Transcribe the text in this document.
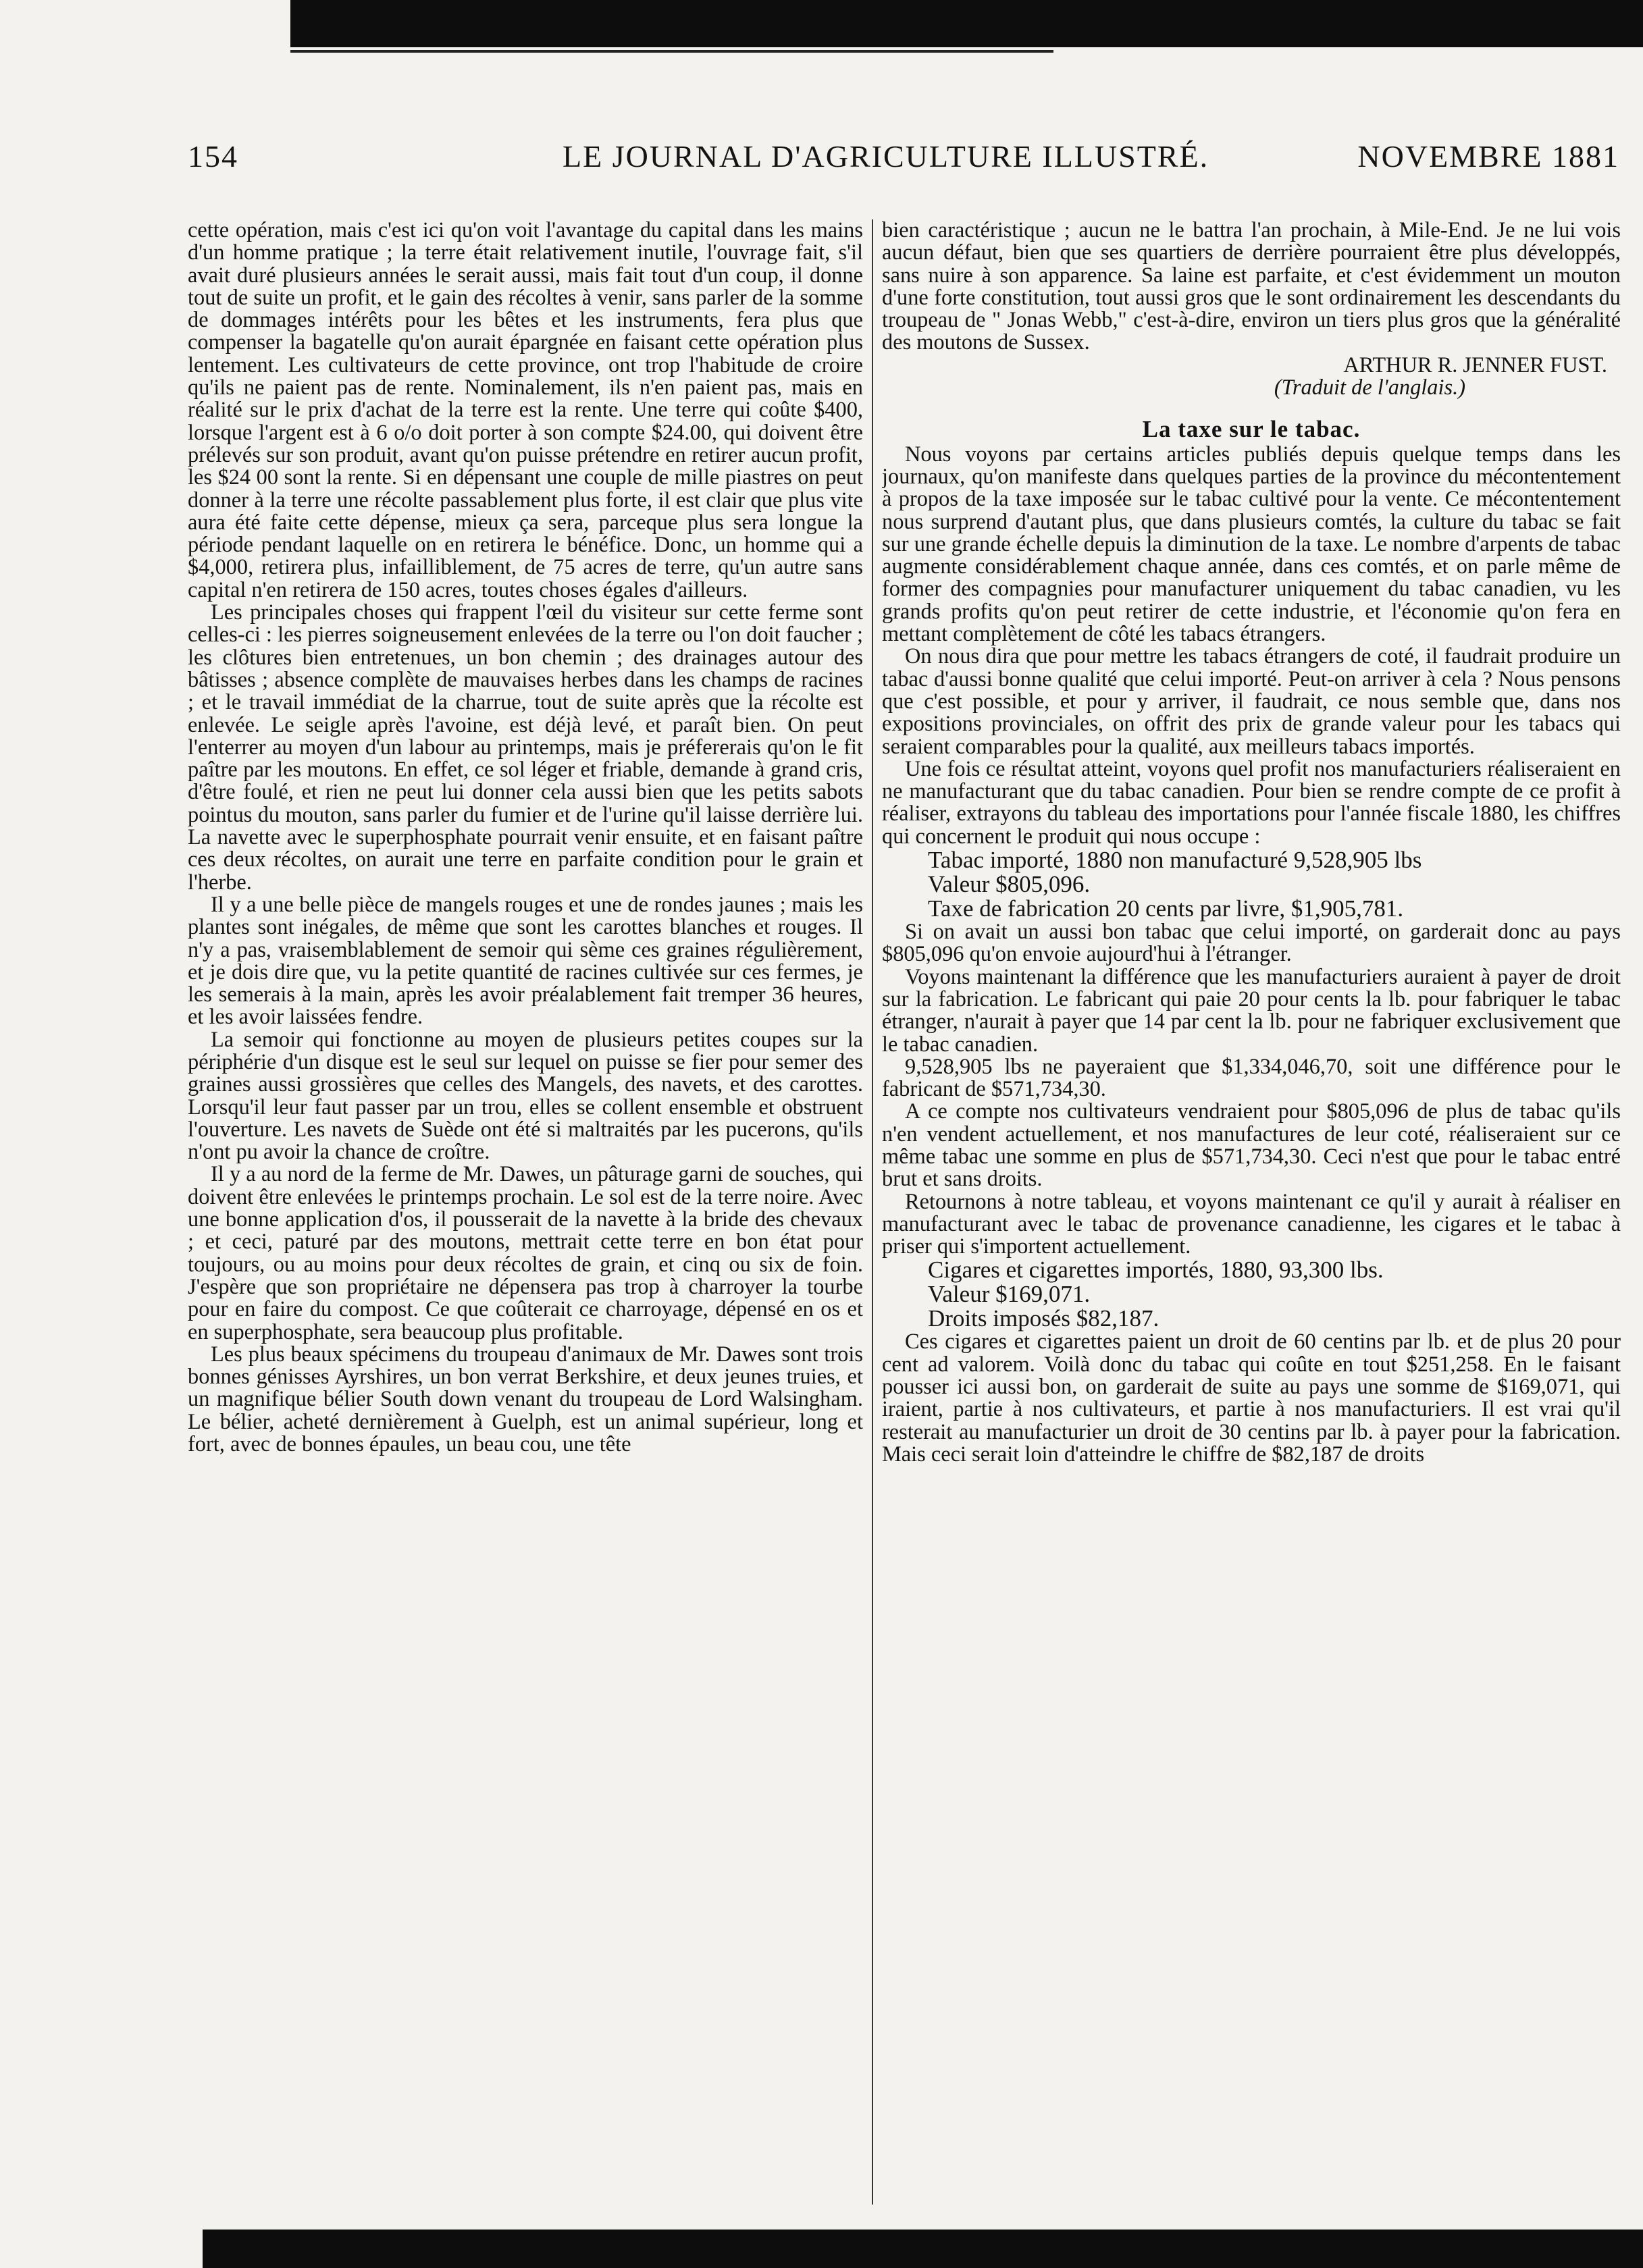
154	LE JOURNAL D'AGRICULTURE ILLUSTRÉ.	NOVEMBRE 1881

cette opération, mais c'est ici qu'on voit l'avantage du capital dans les mains d'un homme pratique ; la terre était relativement inutile, l'ouvrage fait, s'il avait duré plusieurs années le serait aussi, mais fait tout d'un coup, il donne tout de suite un profit, et le gain des récoltes à venir, sans parler de la somme de dommages intérêts pour les bêtes et les instruments, fera plus que compenser la bagatelle qu'on aurait épargnée en faisant cette opération plus lentement. Les cultivateurs de cette province, ont trop l'habitude de croire qu'ils ne paient pas de rente. Nominalement, ils n'en paient pas, mais en réalité sur le prix d'achat de la terre est la rente. Une terre qui coûte $400, lorsque l'argent est à 6 o/o doit porter à son compte $24.00, qui doivent être prélevés sur son produit, avant qu'on puisse prétendre en retirer aucun profit, les $24 00 sont la rente. Si en dépensant une couple de mille piastres on peut donner à la terre une récolte passablement plus forte, il est clair que plus vite aura été faite cette dépense, mieux ça sera, parceque plus sera longue la période pendant laquelle on en retirera le bénéfice. Donc, un homme qui a $4,000, retirera plus, infailliblement, de 75 acres de terre, qu'un autre sans capital n'en retirera de 150 acres, toutes choses égales d'ailleurs.

Les principales choses qui frappent l'œil du visiteur sur cette ferme sont celles-ci : les pierres soigneusement enlevées de la terre ou l'on doit faucher ; les clôtures bien entretenues, un bon chemin ; des drainages autour des bâtisses ; absence complète de mauvaises herbes dans les champs de racines ; et le travail immédiat de la charrue, tout de suite après que la récolte est enlevée. Le seigle après l'avoine, est déjà levé, et paraît bien. On peut l'enterrer au moyen d'un labour au printemps, mais je préfererais qu'on le fit paître par les moutons. En effet, ce sol léger et friable, demande à grand cris, d'être foulé, et rien ne peut lui donner cela aussi bien que les petits sabots pointus du mouton, sans parler du fumier et de l'urine qu'il laisse derrière lui. La navette avec le superphosphate pourrait venir ensuite, et en faisant paître ces deux récoltes, on aurait une terre en parfaite condition pour le grain et l'herbe.

Il y a une belle pièce de mangels rouges et une de rondes jaunes ; mais les plantes sont inégales, de même que sont les carottes blanches et rouges. Il n'y a pas, vraisemblablement de semoir qui sème ces graines régulièrement, et je dois dire que, vu la petite quantité de racines cultivée sur ces fermes, je les semerais à la main, après les avoir préalablement fait tremper 36 heures, et les avoir laissées fendre.

La semoir qui fonctionne au moyen de plusieurs petites coupes sur la périphérie d'un disque est le seul sur lequel on puisse se fier pour semer des graines aussi grossières que celles des Mangels, des navets, et des carottes. Lorsqu'il leur faut passer par un trou, elles se collent ensemble et obstruent l'ouverture. Les navets de Suède ont été si maltraités par les pucerons, qu'ils n'ont pu avoir la chance de croître.

Il y a au nord de la ferme de Mr. Dawes, un pâturage garni de souches, qui doivent être enlevées le printemps prochain. Le sol est de la terre noire. Avec une bonne application d'os, il pousserait de la navette à la bride des chevaux ; et ceci, paturé par des moutons, mettrait cette terre en bon état pour toujours, ou au moins pour deux récoltes de grain, et cinq ou six de foin. J'espère que son propriétaire ne dépensera pas trop à charroyer la tourbe pour en faire du compost. Ce que coûterait ce charroyage, dépensé en os et en superphosphate, sera beaucoup plus profitable.

Les plus beaux spécimens du troupeau d'animaux de Mr. Dawes sont trois bonnes génisses Ayrshires, un bon verrat Berkshire, et deux jeunes truies, et un magnifique bélier South down venant du troupeau de Lord Walsingham. Le bélier, acheté dernièrement à Guelph, est un animal supérieur, long et fort, avec de bonnes épaules, un beau cou, une tête

bien caractéristique ; aucun ne le battra l'an prochain, à Mile-End. Je ne lui vois aucun défaut, bien que ses quartiers de derrière pourraient être plus développés, sans nuire à son apparence. Sa laine est parfaite, et c'est évidemment un mouton d'une forte constitution, tout aussi gros que le sont ordinairement les descendants du troupeau de " Jonas Webb," c'est-à-dire, environ un tiers plus gros que la généralité des moutons de Sussex.

ARTHUR R. JENNER FUST.

(Traduit de l'anglais.)

La taxe sur le tabac.

Nous voyons par certains articles publiés depuis quelque temps dans les journaux, qu'on manifeste dans quelques parties de la province du mécontentement à propos de la taxe imposée sur le tabac cultivé pour la vente. Ce mécontentement nous surprend d'autant plus, que dans plusieurs comtés, la culture du tabac se fait sur une grande échelle depuis la diminution de la taxe. Le nombre d'arpents de tabac augmente considérablement chaque année, dans ces comtés, et on parle même de former des compagnies pour manufacturer uniquement du tabac canadien, vu les grands profits qu'on peut retirer de cette industrie, et l'économie qu'on fera en mettant complètement de côté les tabacs étrangers.

On nous dira que pour mettre les tabacs étrangers de coté, il faudrait produire un tabac d'aussi bonne qualité que celui importé. Peut-on arriver à cela ? Nous pensons que c'est possible, et pour y arriver, il faudrait, ce nous semble que, dans nos expositions provinciales, on offrit des prix de grande valeur pour les tabacs qui seraient comparables pour la qualité, aux meilleurs tabacs importés.

Une fois ce résultat atteint, voyons quel profit nos manufacturiers réaliseraient en ne manufacturant que du tabac canadien. Pour bien se rendre compte de ce profit à réaliser, extrayons du tableau des importations pour l'année fiscale 1880, les chiffres qui concernent le produit qui nous occupe :

Tabac importé, 1880 non manufacturé 9,528,905 lbs

Valeur $805,096.

Taxe de fabrication 20 cents par livre, $1,905,781.

Si on avait un aussi bon tabac que celui importé, on garderait donc au pays $805,096 qu'on envoie aujourd'hui à l'étranger.

Voyons maintenant la différence que les manufacturiers auraient à payer de droit sur la fabrication. Le fabricant qui paie 20 pour cents la lb. pour fabriquer le tabac étranger, n'aurait à payer que 14 par cent la lb. pour ne fabriquer exclusivement que le tabac canadien.

9,528,905 lbs ne payeraient que $1,334,046,70, soit une différence pour le fabricant de $571,734,30.

A ce compte nos cultivateurs vendraient pour $805,096 de plus de tabac qu'ils n'en vendent actuellement, et nos manufactures de leur coté, réaliseraient sur ce même tabac une somme en plus de $571,734,30. Ceci n'est que pour le tabac entré brut et sans droits.

Retournons à notre tableau, et voyons maintenant ce qu'il y aurait à réaliser en manufacturant avec le tabac de provenance canadienne, les cigares et le tabac à priser qui s'importent actuellement.

Cigares et cigarettes importés, 1880, 93,300 lbs.

Valeur $169,071.

Droits imposés $82,187.

Ces cigares et cigarettes paient un droit de 60 centins par lb. et de plus 20 pour cent ad valorem. Voilà donc du tabac qui coûte en tout $251,258. En le faisant pousser ici aussi bon, on garderait de suite au pays une somme de $169,071, qui iraient, partie à nos cultivateurs, et partie à nos manufacturiers. Il est vrai qu'il resterait au manufacturier un droit de 30 centins par lb. à payer pour la fabrication. Mais ceci serait loin d'atteindre le chiffre de $82,187 de droits
